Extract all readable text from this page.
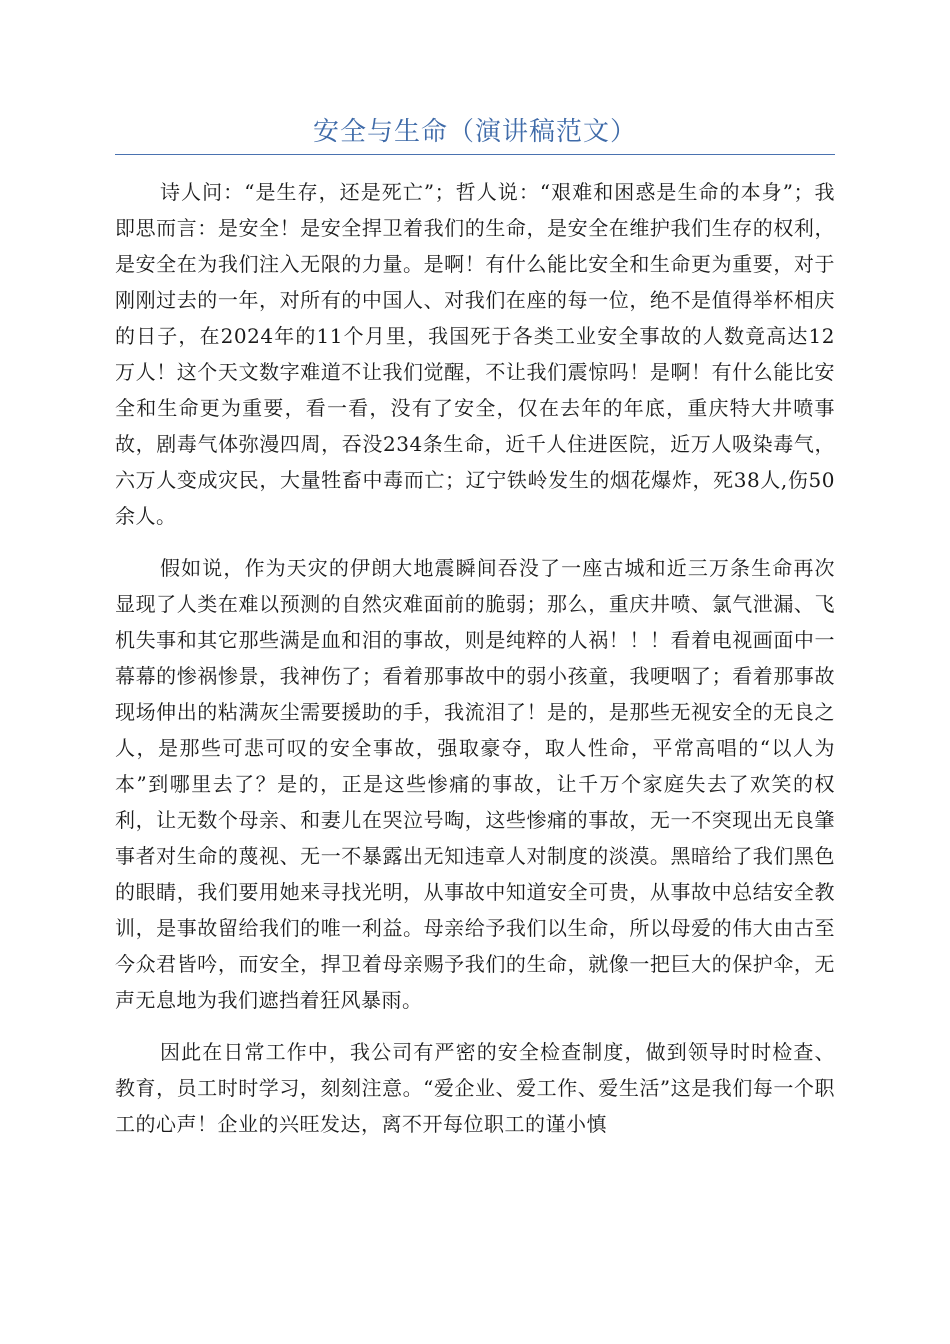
安全与生命（演讲稿范文）

诗人问：“是生存，还是死亡”；哲人说：“艰难和困惑是生命的本身”；我即思而言：是安全！是安全捍卫着我们的生命，是安全在维护我们生存的权利，是安全在为我们注入无限的力量。是啊！有什么能比安全和生命更为重要，对于刚刚过去的一年，对所有的中国人、对我们在座的每一位，绝不是值得举杯相庆的日子，在2024年的11个月里，我国死于各类工业安全事故的人数竟高达12万人！这个天文数字难道不让我们觉醒，不让我们震惊吗！是啊！有什么能比安全和生命更为重要，看一看，没有了安全，仅在去年的年底，重庆特大井喷事故，剧毒气体弥漫四周，吞没234条生命，近千人住进医院，近万人吸染毒气，六万人变成灾民，大量牲畜中毒而亡；辽宁铁岭发生的烟花爆炸，死38人,伤50余人。

假如说，作为天灾的伊朗大地震瞬间吞没了一座古城和近三万条生命再次显现了人类在难以预测的自然灾难面前的脆弱；那么，重庆井喷、氯气泄漏、飞机失事和其它那些满是血和泪的事故，则是纯粹的人祸！！！看着电视画面中一幕幕的惨祸惨景，我神伤了；看着那事故中的弱小孩童，我哽咽了；看着那事故现场伸出的粘满灰尘需要援助的手，我流泪了！是的，是那些无视安全的无良之人，是那些可悲可叹的安全事故，强取豪夺，取人性命，平常高唱的“以人为本”到哪里去了？是的，正是这些惨痛的事故，让千万个家庭失去了欢笑的权利，让无数个母亲、和妻儿在哭泣号啕，这些惨痛的事故，无一不突现出无良肇事者对生命的蔑视、无一不暴露出无知违章人对制度的淡漠。黑暗给了我们黑色的眼睛，我们要用她来寻找光明，从事故中知道安全可贵，从事故中总结安全教训，是事故留给我们的唯一利益。母亲给予我们以生命，所以母爱的伟大由古至今众君皆吟，而安全，捍卫着母亲赐予我们的生命，就像一把巨大的保护伞，无声无息地为我们遮挡着狂风暴雨。

因此在日常工作中，我公司有严密的安全检查制度，做到领导时时检查、教育，员工时时学习，刻刻注意。“爱企业、爱工作、爱生活”这是我们每一个职工的心声！企业的兴旺发达，离不开每位职工的谨小慎
